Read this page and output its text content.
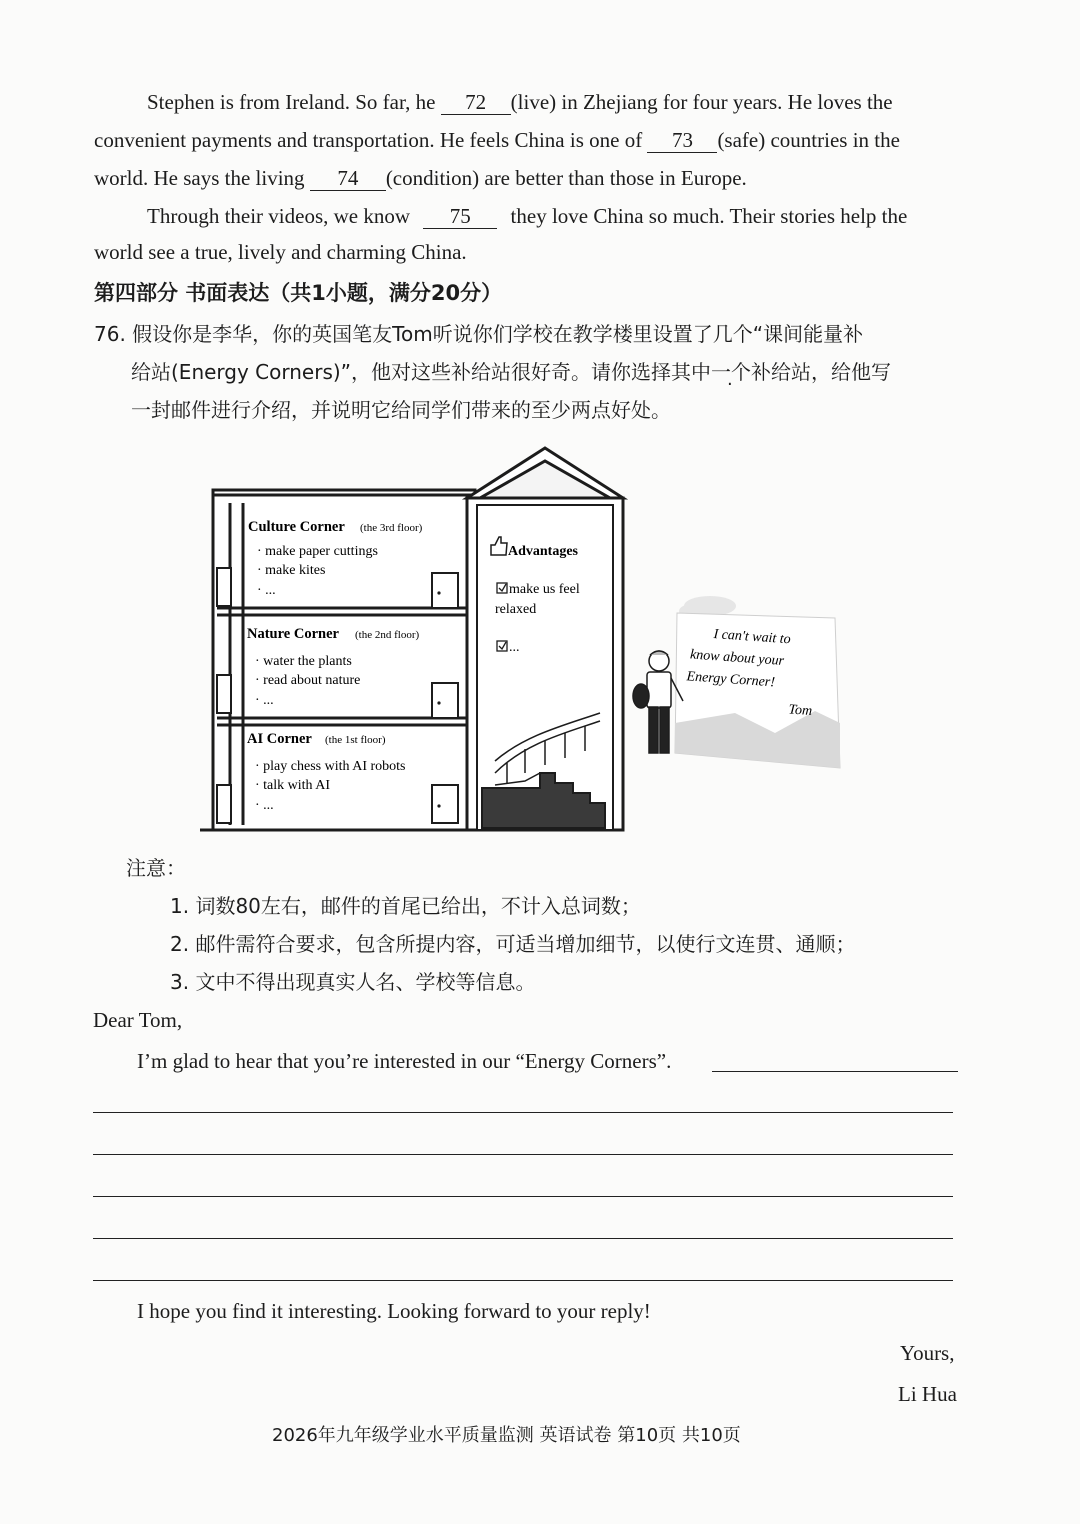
Stephen is from Ireland. So far, he 72 (live) in Zhejiang for four years. He loves the
convenient payments and transportation. He feels China is one of 73 (safe) countries in the
world. He says the living 74 (condition) are better than those in Europe.
Through their videos, we know 75 they love China so much. Their stories help the
world see a true, lively and charming China.
第四部分 书面表达（共1小题，满分20分）
76. 假设你是李华，你的英国笔友Tom听说你们学校在教学楼里设置了几个“课间能量补
给站(Energy Corners)”，他对这些补给站很好奇。请你选择其中一个补给站，给他写
一封邮件进行介绍，并说明它给同学们带来的至少两点好处。
Culture Corner (the 3rd floor)
· make paper cuttings
· make kites
· ...
Nature Corner (the 2nd floor)
· water the plants
· read about nature
· ...
AI Corner (the 1st floor)
· play chess with AI robots
· talk with AI
· ...
Advantages
make us feel
relaxed
...
I can't wait to
know about your
Energy Corner!
Tom
注意：
1. 词数80左右，邮件的首尾已给出，不计入总词数；
2. 邮件需符合要求，包含所提内容，可适当增加细节，以使行文连贯、通顺；
3. 文中不得出现真实人名、学校等信息。
Dear Tom,
I’m glad to hear that you’re interested in our “Energy Corners”.
I hope you find it interesting. Looking forward to your reply!
Yours,
Li Hua
2026年九年级学业水平质量监测 英语试卷 第10页 共10页
